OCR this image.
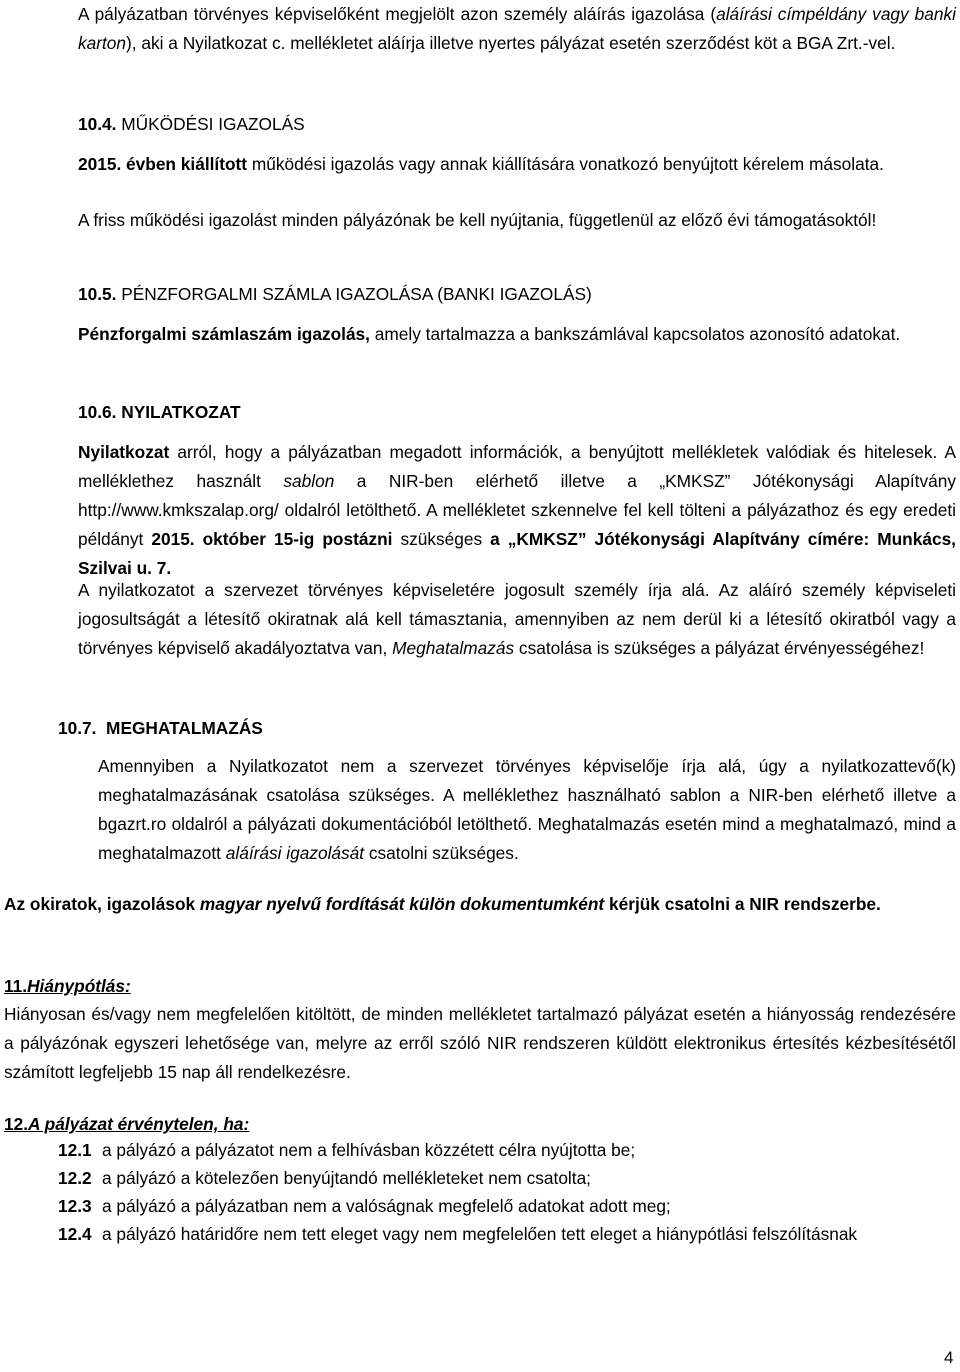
A pályázatban törvényes képviselőként megjelölt azon személy aláírás igazolása (aláírási címpéldány vagy banki karton), aki a Nyilatkozat c. mellékletet aláírja illetve nyertes pályázat esetén szerződést köt a BGA Zrt.-vel.

10.4. MŰKÖDÉSI IGAZOLÁS

2015. évben kiállított működési igazolás vagy annak kiállítására vonatkozó benyújtott kérelem másolata.

A friss működési igazolást minden pályázónak be kell nyújtania, függetlenül az előző évi támogatásoktól!

10.5. PÉNZFORGALMI SZÁMLA IGAZOLÁSA (BANKI IGAZOLÁS)

Pénzforgalmi számlaszám igazolás, amely tartalmazza a bankszámlával kapcsolatos azonosító adatokat.

10.6. NYILATKOZAT

Nyilatkozat arról, hogy a pályázatban megadott információk, a benyújtott mellékletek valódiak és hitelesek. A melléklethez használt sablon a NIR-ben elérhető illetve a „KMKSZ” Jótékonysági Alapítvány http://www.kmkszalap.org/ oldalról letölthető. A mellékletet szkennelve fel kell tölteni a pályázathoz és egy eredeti példányt 2015. október 15-ig postázni szükséges a „KMKSZ” Jótékonysági Alapítvány címére: Munkács, Szilvai u. 7.

A nyilatkozatot a szervezet törvényes képviseletére jogosult személy írja alá. Az aláíró személy képviseleti jogosultságát a létesítő okiratnak alá kell támasztania, amennyiben az nem derül ki a létesítő okiratból vagy a törvényes képviselő akadályoztatva van, Meghatalmazás csatolása is szükséges a pályázat érvényességéhez!

10.7. MEGHATALMAZÁS

Amennyiben a Nyilatkozatot nem a szervezet törvényes képviselője írja alá, úgy a nyilatkozattevő(k) meghatalmazásának csatolása szükséges. A melléklethez használható sablon a NIR-ben elérhető illetve a bgazrt.ro oldalról a pályázati dokumentációból letölthető. Meghatalmazás esetén mind a meghatalmazó, mind a meghatalmazott aláírási igazolását csatolni szükséges.

Az okiratok, igazolások magyar nyelvű fordítását külön dokumentumként kérjük csatolni a NIR rendszerbe.

11.Hiánypótlás:

Hiányosan és/vagy nem megfelelően kitöltött, de minden mellékletet tartalmazó pályázat esetén a hiányosság rendezésére a pályázónak egyszeri lehetősége van, melyre az erről szóló NIR rendszeren küldött elektronikus értesítés kézbesítésétől számított legfeljebb 15 nap áll rendelkezésre.

12.A pályázat érvénytelen, ha:
12.1 a pályázó a pályázatot nem a felhívásban közzétett célra nyújtotta be;
12.2 a pályázó a kötelezően benyújtandó mellékleteket nem csatolta;
12.3 a pályázó a pályázatban nem a valóságnak megfelelő adatokat adott meg;
12.4 a pályázó határidőre nem tett eleget vagy nem megfelelően tett eleget a hiánypótlási felszólításnak
4
